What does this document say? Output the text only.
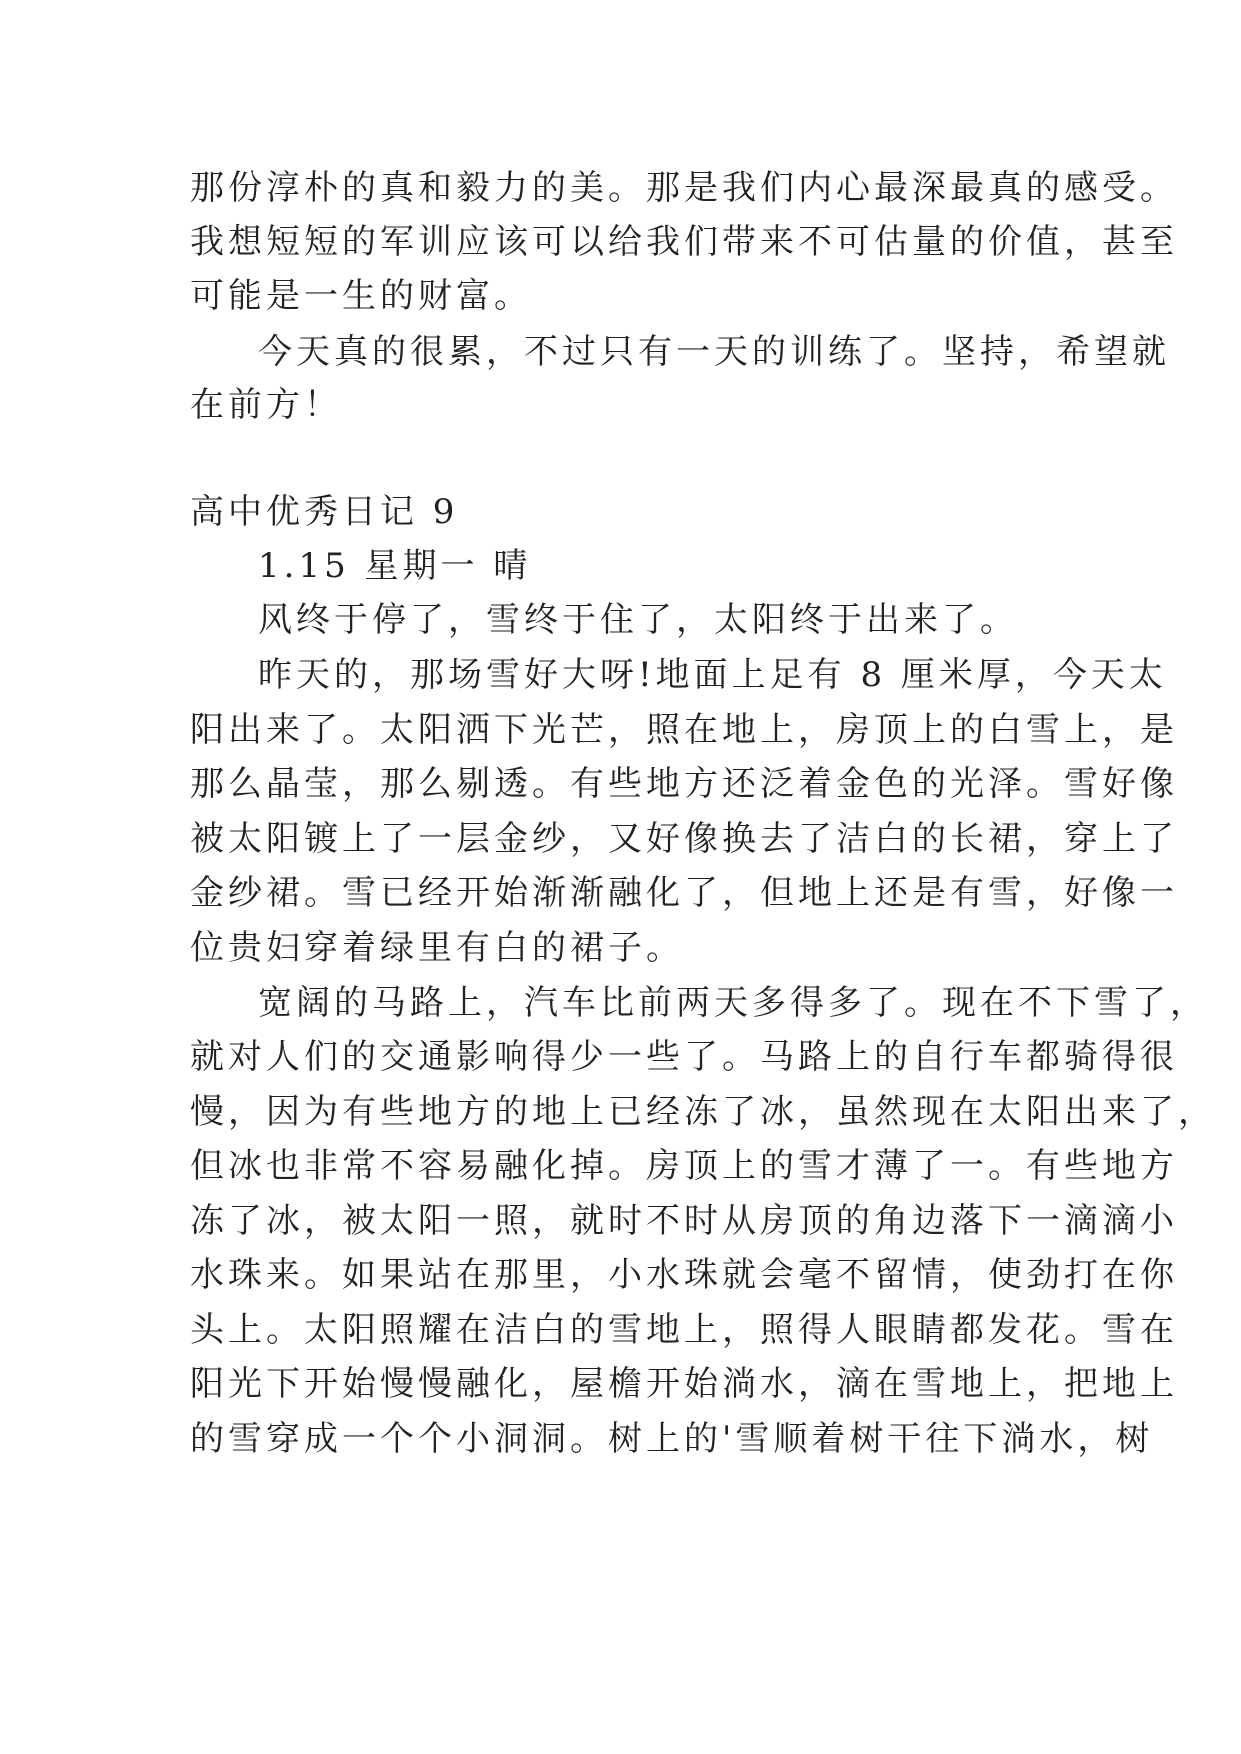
那份淳朴的真和毅力的美。那是我们内心最深最真的感受。
我想短短的军训应该可以给我们带来不可估量的价值，甚至
可能是一生的财富。
今天真的很累，不过只有一天的训练了。坚持，希望就
在前方！
高中优秀日记 9
1.15 星期一 晴
风终于停了，雪终于住了，太阳终于出来了。
昨天的，那场雪好大呀!地面上足有 8 厘米厚，今天太
阳出来了。太阳洒下光芒，照在地上，房顶上的白雪上，是
那么晶莹，那么剔透。有些地方还泛着金色的光泽。雪好像
被太阳镀上了一层金纱，又好像换去了洁白的长裙，穿上了
金纱裙。雪已经开始渐渐融化了，但地上还是有雪，好像一
位贵妇穿着绿里有白的裙子。
宽阔的马路上，汽车比前两天多得多了。现在不下雪了，
就对人们的交通影响得少一些了。马路上的自行车都骑得很
慢，因为有些地方的地上已经冻了冰，虽然现在太阳出来了，
但冰也非常不容易融化掉。房顶上的雪才薄了一。有些地方
冻了冰，被太阳一照，就时不时从房顶的角边落下一滴滴小
水珠来。如果站在那里，小水珠就会毫不留情，使劲打在你
头上。太阳照耀在洁白的雪地上，照得人眼睛都发花。雪在
阳光下开始慢慢融化，屋檐开始淌水，滴在雪地上，把地上
的雪穿成一个个小洞洞。树上的'雪顺着树干往下淌水，树
